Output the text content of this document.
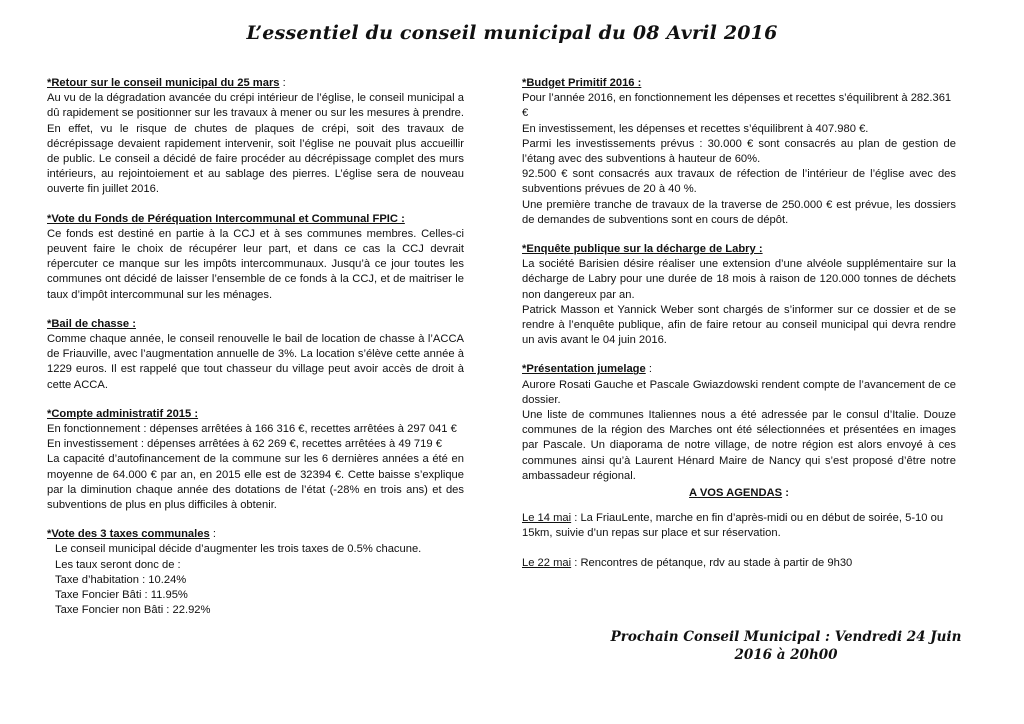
L’essentiel du conseil municipal du 08 Avril 2016
*Retour sur le conseil municipal du 25 mars :

Au vu de la dégradation avancée du crépi intérieur de l’église, le conseil municipal a dû rapidement se positionner sur les travaux à mener ou sur les mesures à prendre. En effet, vu le risque de chutes de plaques de crépi, soit des travaux de décrépissage devaient rapidement intervenir, soit l’église ne pouvait plus accueillir de public. Le conseil a décidé de faire procéder au décrépissage complet des murs intérieurs, au rejointoiement et au sablage des pierres. L’église sera de nouveau ouverte fin juillet 2016.

*Vote du Fonds de Péréquation Intercommunal et Communal FPIC :

Ce fonds est destiné en partie à la CCJ et à ses communes membres. Celles-ci peuvent faire le choix de récupérer leur part, et dans ce cas la CCJ devrait répercuter ce manque sur les impôts intercommunaux. Jusqu’à ce jour toutes les communes ont décidé de laisser l’ensemble de ce fonds à la CCJ, et de maitriser le taux d’impôt intercommunal sur les ménages.

*Bail de chasse :

Comme chaque année, le conseil renouvelle le bail de location de chasse à l’ACCA de Friauville, avec l’augmentation annuelle de 3%. La location s’élève cette année à 1229 euros. Il est rappelé que tout chasseur du village peut avoir accès de droit à cette ACCA.

*Compte administratif 2015 :

En fonctionnement : dépenses arrêtées à 166 316 €, recettes arrêtées à 297 041 €

En investissement : dépenses arrêtées à 62 269 €, recettes arrêtées à 49 719 €

La capacité d’autofinancement de la commune sur les 6 dernières années a été en moyenne de 64.000 € par an, en 2015 elle est de 32394 €. Cette baisse s’explique par la diminution chaque année des dotations de l’état (-28% en trois ans) et des subventions de plus en plus difficiles à obtenir.

*Vote des 3 taxes communales :

Le conseil municipal décide d’augmenter les trois taxes de 0.5% chacune.

Les taux seront donc de :

Taxe d’habitation : 10.24%

Taxe Foncier Bâti : 11.95%

Taxe Foncier non Bâti : 22.92%

*Budget Primitif 2016 :

Pour l’année 2016, en fonctionnement les dépenses et recettes s’équilibrent à 282.361 €

En investissement, les dépenses et recettes s’équilibrent à 407.980 €.

Parmi les investissements prévus : 30.000 € sont consacrés au plan de gestion de l’étang avec des subventions à hauteur de 60%.

92.500 € sont consacrés aux travaux de réfection de l’intérieur de l’église avec des subventions prévues de 20 à 40 %.

Une première tranche de travaux de la traverse de 250.000 € est prévue, les dossiers de demandes de subventions sont en cours de dépôt.

*Enquête publique sur la décharge de Labry :

La société Barisien désire réaliser une extension d’une alvéole supplémentaire sur la décharge de Labry pour une durée de 18 mois à raison de 120.000 tonnes de déchets non dangereux par an.

Patrick Masson et Yannick Weber sont chargés de s’informer sur ce dossier et de se rendre à l’enquête publique, afin de faire retour au conseil municipal qui devra rendre un avis avant le 04 juin 2016.

*Présentation jumelage :

Aurore Rosati Gauche et Pascale Gwiazdowski rendent compte de l’avancement de ce dossier.

Une liste de communes Italiennes nous a été adressée par le consul d’Italie. Douze communes de la région des Marches ont été sélectionnées et présentées en images par Pascale. Un diaporama de notre village, de notre région est alors envoyé à ces communes ainsi qu’à Laurent Hénard Maire de Nancy qui s’est proposé d’être notre ambassadeur régional.

A VOS AGENDAS :

Le 14 mai : La FriauLente, marche en fin d’après-midi ou en début de soirée, 5-10 ou 15km, suivie d’un repas sur place et sur réservation.

Le 22 mai : Rencontres de pétanque, rdv au stade à partir de 9h30

Prochain Conseil Municipal : Vendredi 24 Juin
2016 à 20h00
